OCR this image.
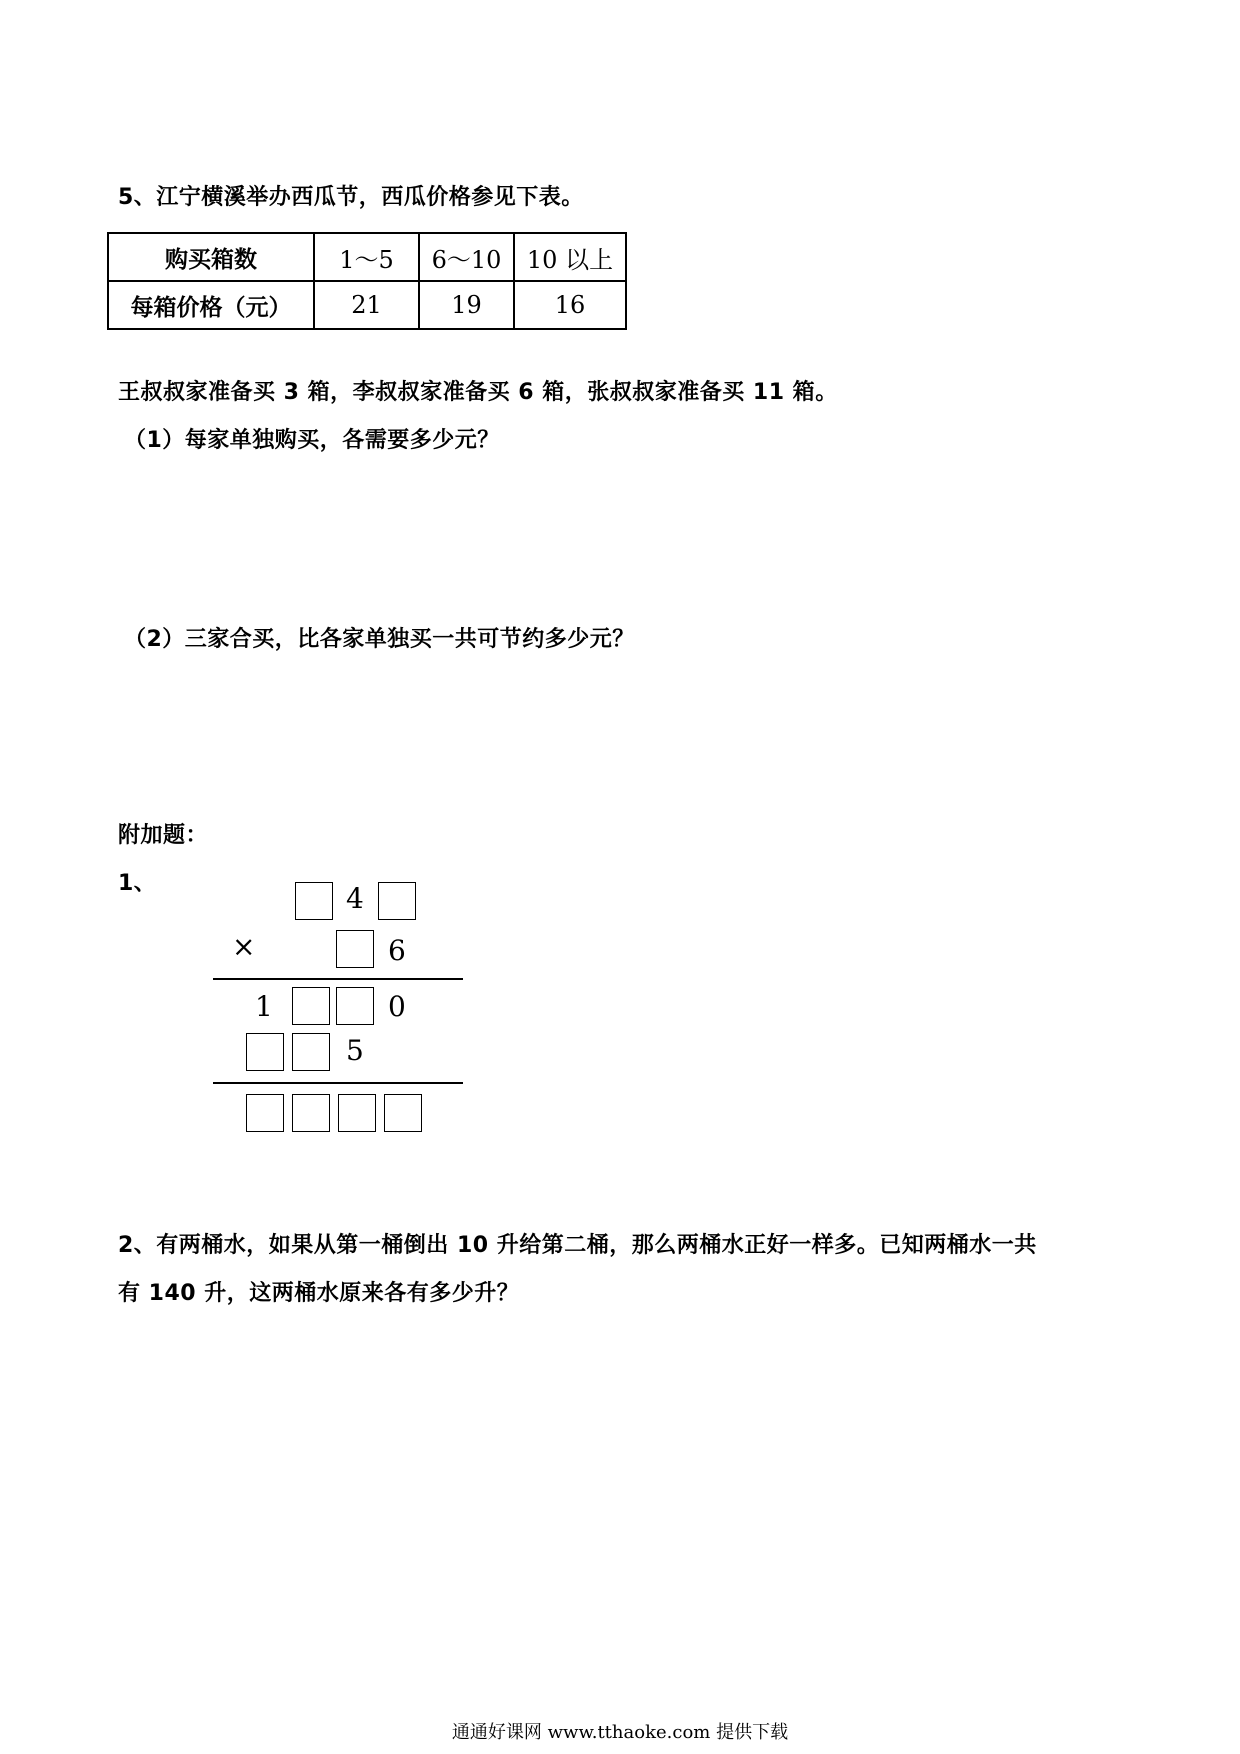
5、江宁横溪举办西瓜节，西瓜价格参见下表。
购买箱数	1～5	6～10	10 以上
每箱价格（元）	21	19	16
王叔叔家准备买 3 箱，李叔叔家准备买 6 箱，张叔叔家准备买 11 箱。
（1）每家单独购买，各需要多少元？
（2）三家合买，比各家单独买一共可节约多少元？
附加题：
1、	4
×	6
1	0
5
2、有两桶水，如果从第一桶倒出 10 升给第二桶，那么两桶水正好一样多。已知两桶水一共
有 140 升，这两桶水原来各有多少升？
通通好课网 www.tthaoke.com 提供下载
